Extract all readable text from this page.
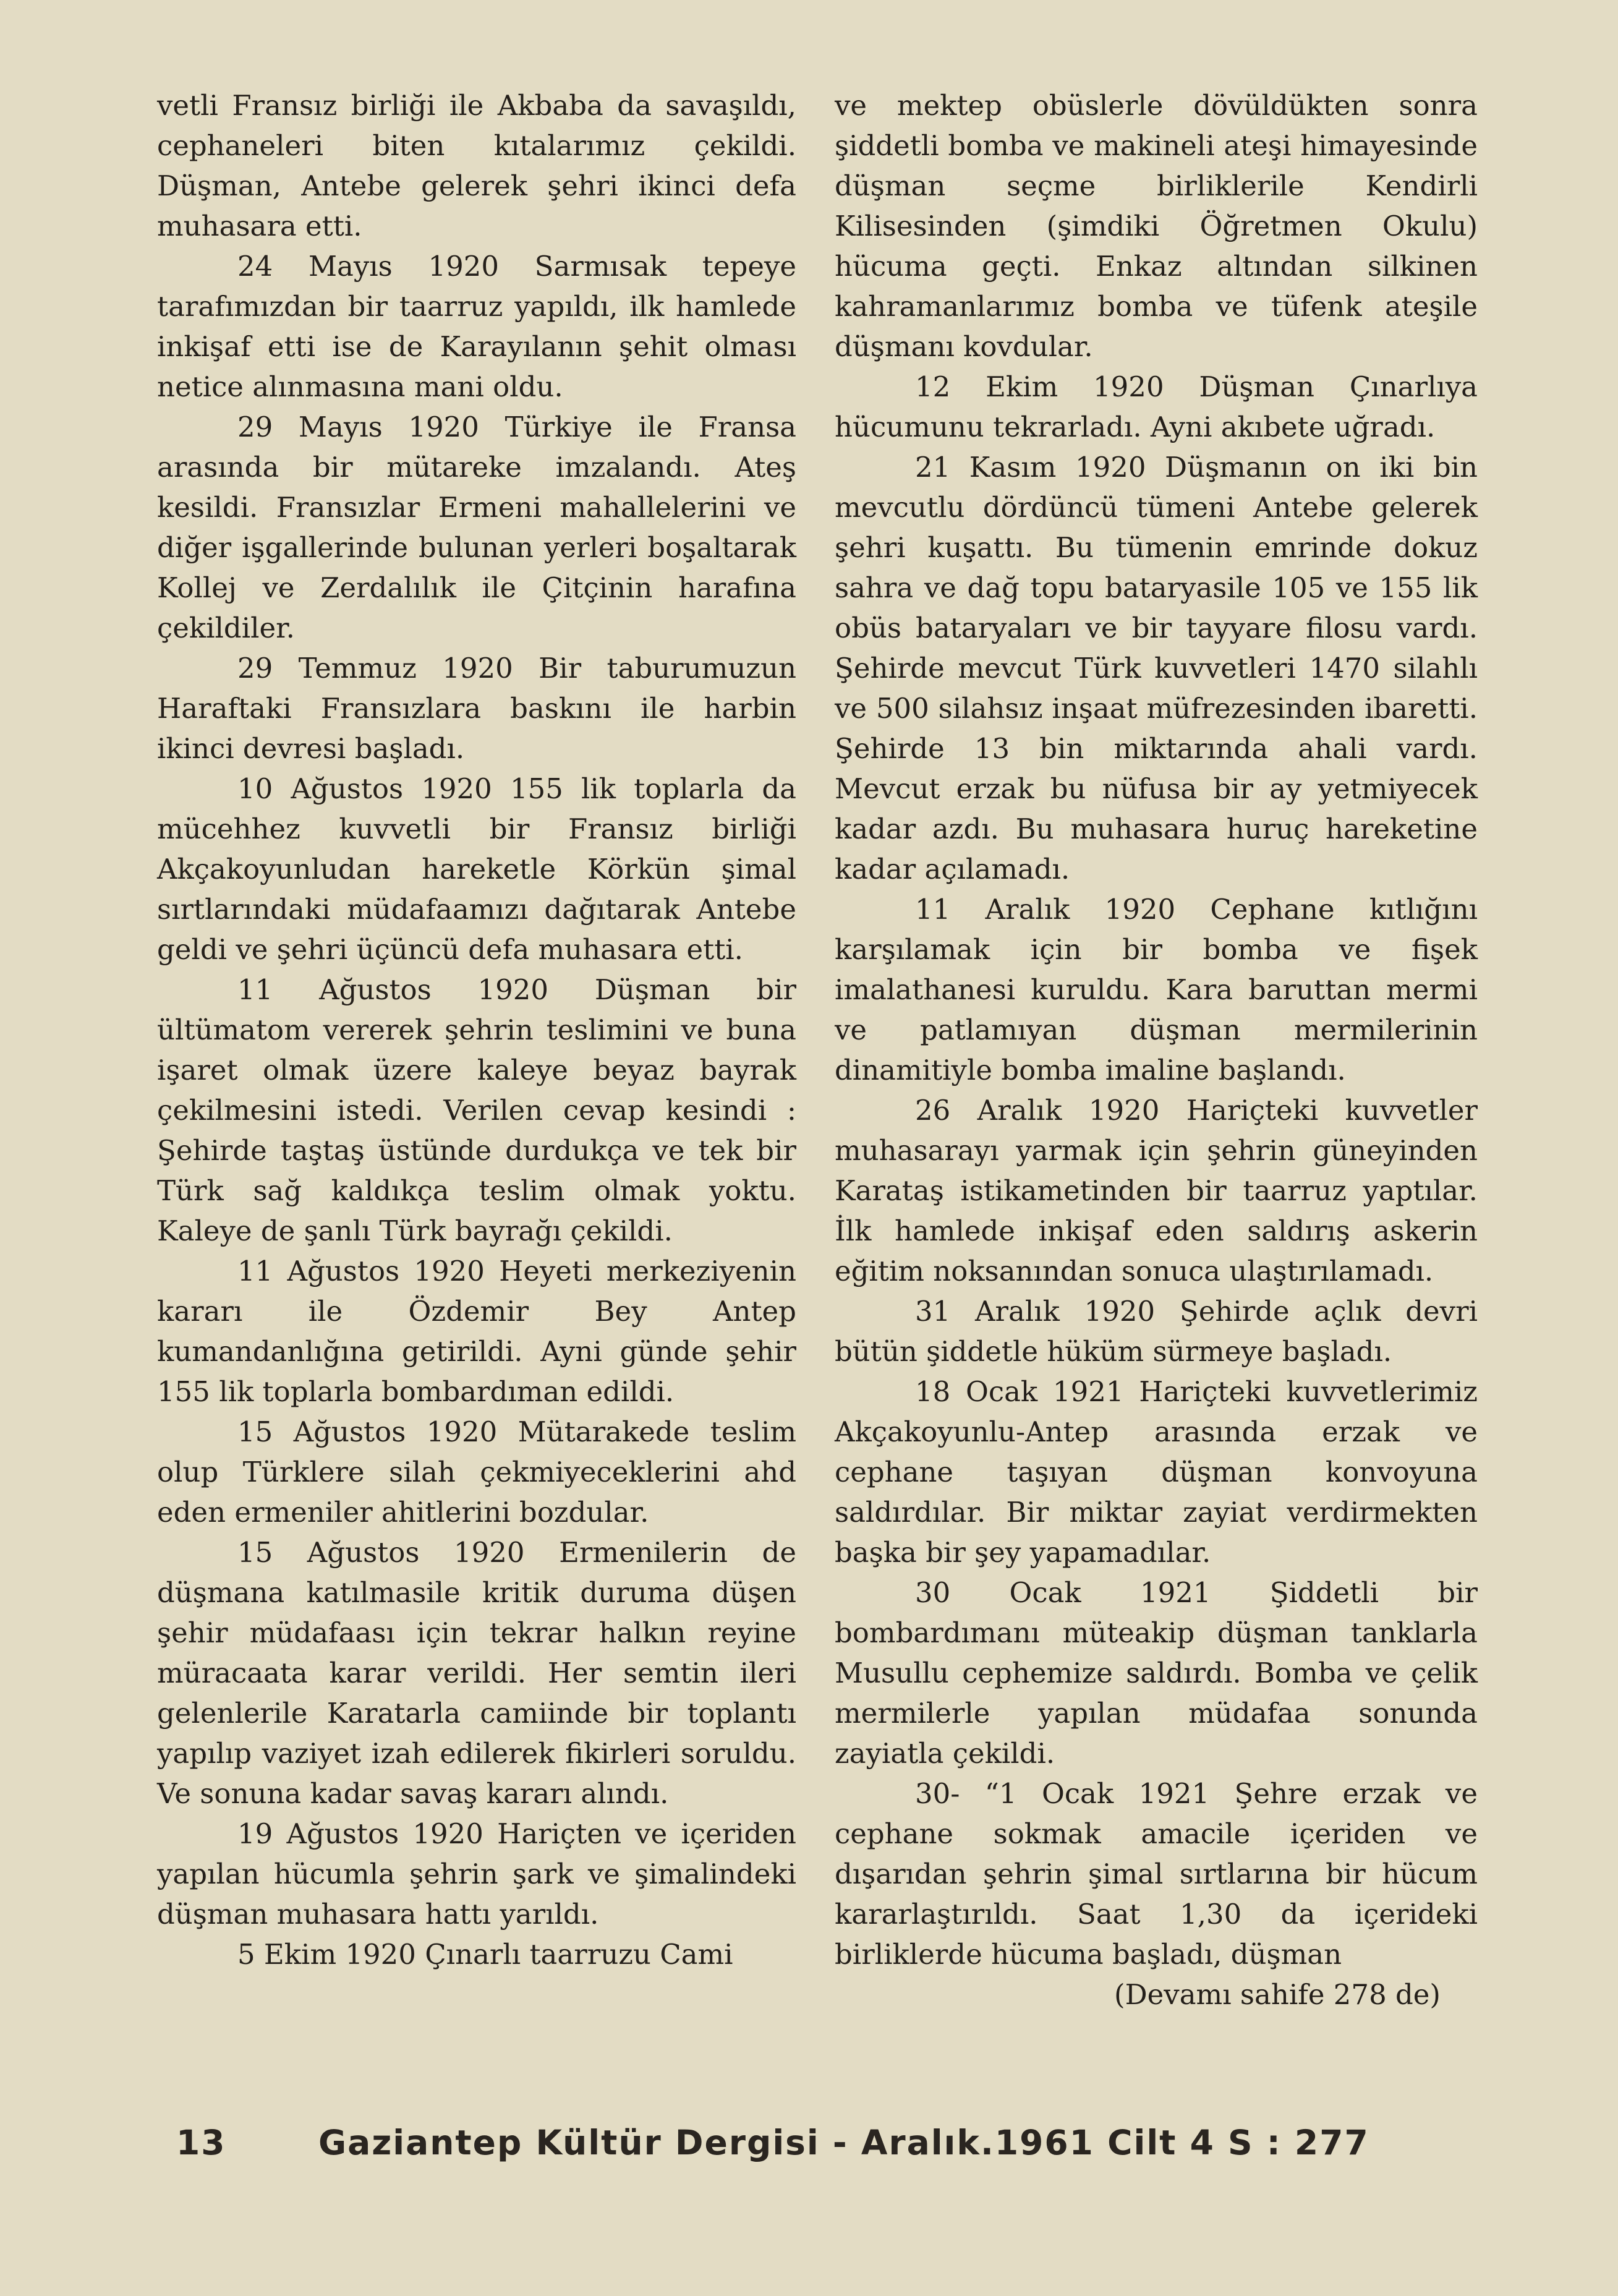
vetli Fransız birliği ile Akbaba da savaşıldı, cephaneleri biten kıtalarımız çekildi. Düşman, Antebe gelerek şehri ikinci defa muhasara etti.

24 Mayıs 1920 Sarmısak tepeye tarafımızdan bir taarruz yapıldı, ilk hamlede inkişaf etti ise de Karayılanın şehit olması netice alınmasına mani oldu.

29 Mayıs 1920 Türkiye ile Fransa arasında bir mütareke imzalandı. Ateş kesildi. Fransızlar Ermeni mahallelerini ve diğer işgallerinde bulunan yerleri boşaltarak Kollej ve Zerdalılık ile Çitçinin harafına çekildiler.

29 Temmuz 1920 Bir taburumuzun Haraftaki Fransızlara baskını ile harbin ikinci devresi başladı.

10 Ağustos 1920 155 lik toplarla da mücehhez kuvvetli bir Fransız birliği Akçakoyunludan hareketle Körkün şimal sırtlarındaki müdafaamızı dağıtarak Antebe geldi ve şehri üçüncü defa muhasara etti.

11 Ağustos 1920 Düşman bir ültümatom vererek şehrin teslimini ve buna işaret olmak üzere kaleye beyaz bayrak çekilmesini istedi. Verilen cevap kesindi : Şehirde taştaş üstünde durdukça ve tek bir Türk sağ kaldıkça teslim olmak yoktu. Kaleye de şanlı Türk bayrağı çekildi.

11 Ağustos 1920 Heyeti merkeziyenin kararı ile Özdemir Bey Antep kumandanlığına getirildi. Ayni günde şehir 155 lik toplarla bombardıman edildi.

15 Ağustos 1920 Mütarakede teslim olup Türklere silah çekmiyeceklerini ahd eden ermeniler ahitlerini bozdular.

15 Ağustos 1920 Ermenilerin de düşmana katılmasile kritik duruma düşen şehir müdafaası için tekrar halkın reyine müracaata karar verildi. Her semtin ileri gelenlerile Karatarla camiinde bir toplantı yapılıp vaziyet izah edilerek fikirleri soruldu. Ve sonuna kadar savaş kararı alındı.

19 Ağustos 1920 Hariçten ve içeriden yapılan hücumla şehrin şark ve şimalindeki düşman muhasara hattı yarıldı.

5 Ekim 1920 Çınarlı taarruzu Cami

ve mektep obüslerle dövüldükten sonra şiddetli bomba ve makineli ateşi himayesinde düşman seçme birliklerile Kendirli Kilisesinden (şimdiki Öğretmen Okulu) hücuma geçti. Enkaz altından silkinen kahramanlarımız bomba ve tüfenk ateşile düşmanı kovdular.

12 Ekim 1920 Düşman Çınarlıya hücumunu tekrarladı. Ayni akıbete uğradı.

21 Kasım 1920 Düşmanın on iki bin mevcutlu dördüncü tümeni Antebe gelerek şehri kuşattı. Bu tümenin emrinde dokuz sahra ve dağ topu bataryasile 105 ve 155 lik obüs bataryaları ve bir tayyare filosu vardı. Şehirde mevcut Türk kuvvetleri 1470 silahlı ve 500 silahsız inşaat müfrezesinden ibaretti. Şehirde 13 bin miktarında ahali vardı. Mevcut erzak bu nüfusa bir ay yetmiyecek kadar azdı. Bu muhasara huruç hareketine kadar açılamadı.

11 Aralık 1920 Cephane kıtlığını karşılamak için bir bomba ve fişek imalathanesi kuruldu. Kara baruttan mermi ve patlamıyan düşman mermilerinin dinamitiyle bomba imaline başlandı.

26 Aralık 1920 Hariçteki kuvvetler muhasarayı yarmak için şehrin güneyinden Karataş istikametinden bir taarruz yaptılar. İlk hamlede inkişaf eden saldırış askerin eğitim noksanından sonuca ulaştırılamadı.

31 Aralık 1920 Şehirde açlık devri bütün şiddetle hüküm sürmeye başladı.

18 Ocak 1921 Hariçteki kuvvetlerimiz Akçakoyunlu-Antep arasında erzak ve cephane taşıyan düşman konvoyuna saldırdılar. Bir miktar zayiat verdirmekten başka bir şey yapamadılar.

30 Ocak 1921 Şiddetli bir bombardımanı müteakip düşman tanklarla Musullu cephemize saldırdı. Bomba ve çelik mermilerle yapılan müdafaa sonunda zayiatla çekildi.

30- “1 Ocak 1921 Şehre erzak ve cephane sokmak amacile içeriden ve dışarıdan şehrin şimal sırtlarına bir hücum kararlaştırıldı. Saat 1,30 da içerideki birliklerde hücuma başladı, düşman

(Devamı sahife 278 de)

13	Gaziantep Kültür Dergisi - Aralık.1961 Cilt 4 S : 277
